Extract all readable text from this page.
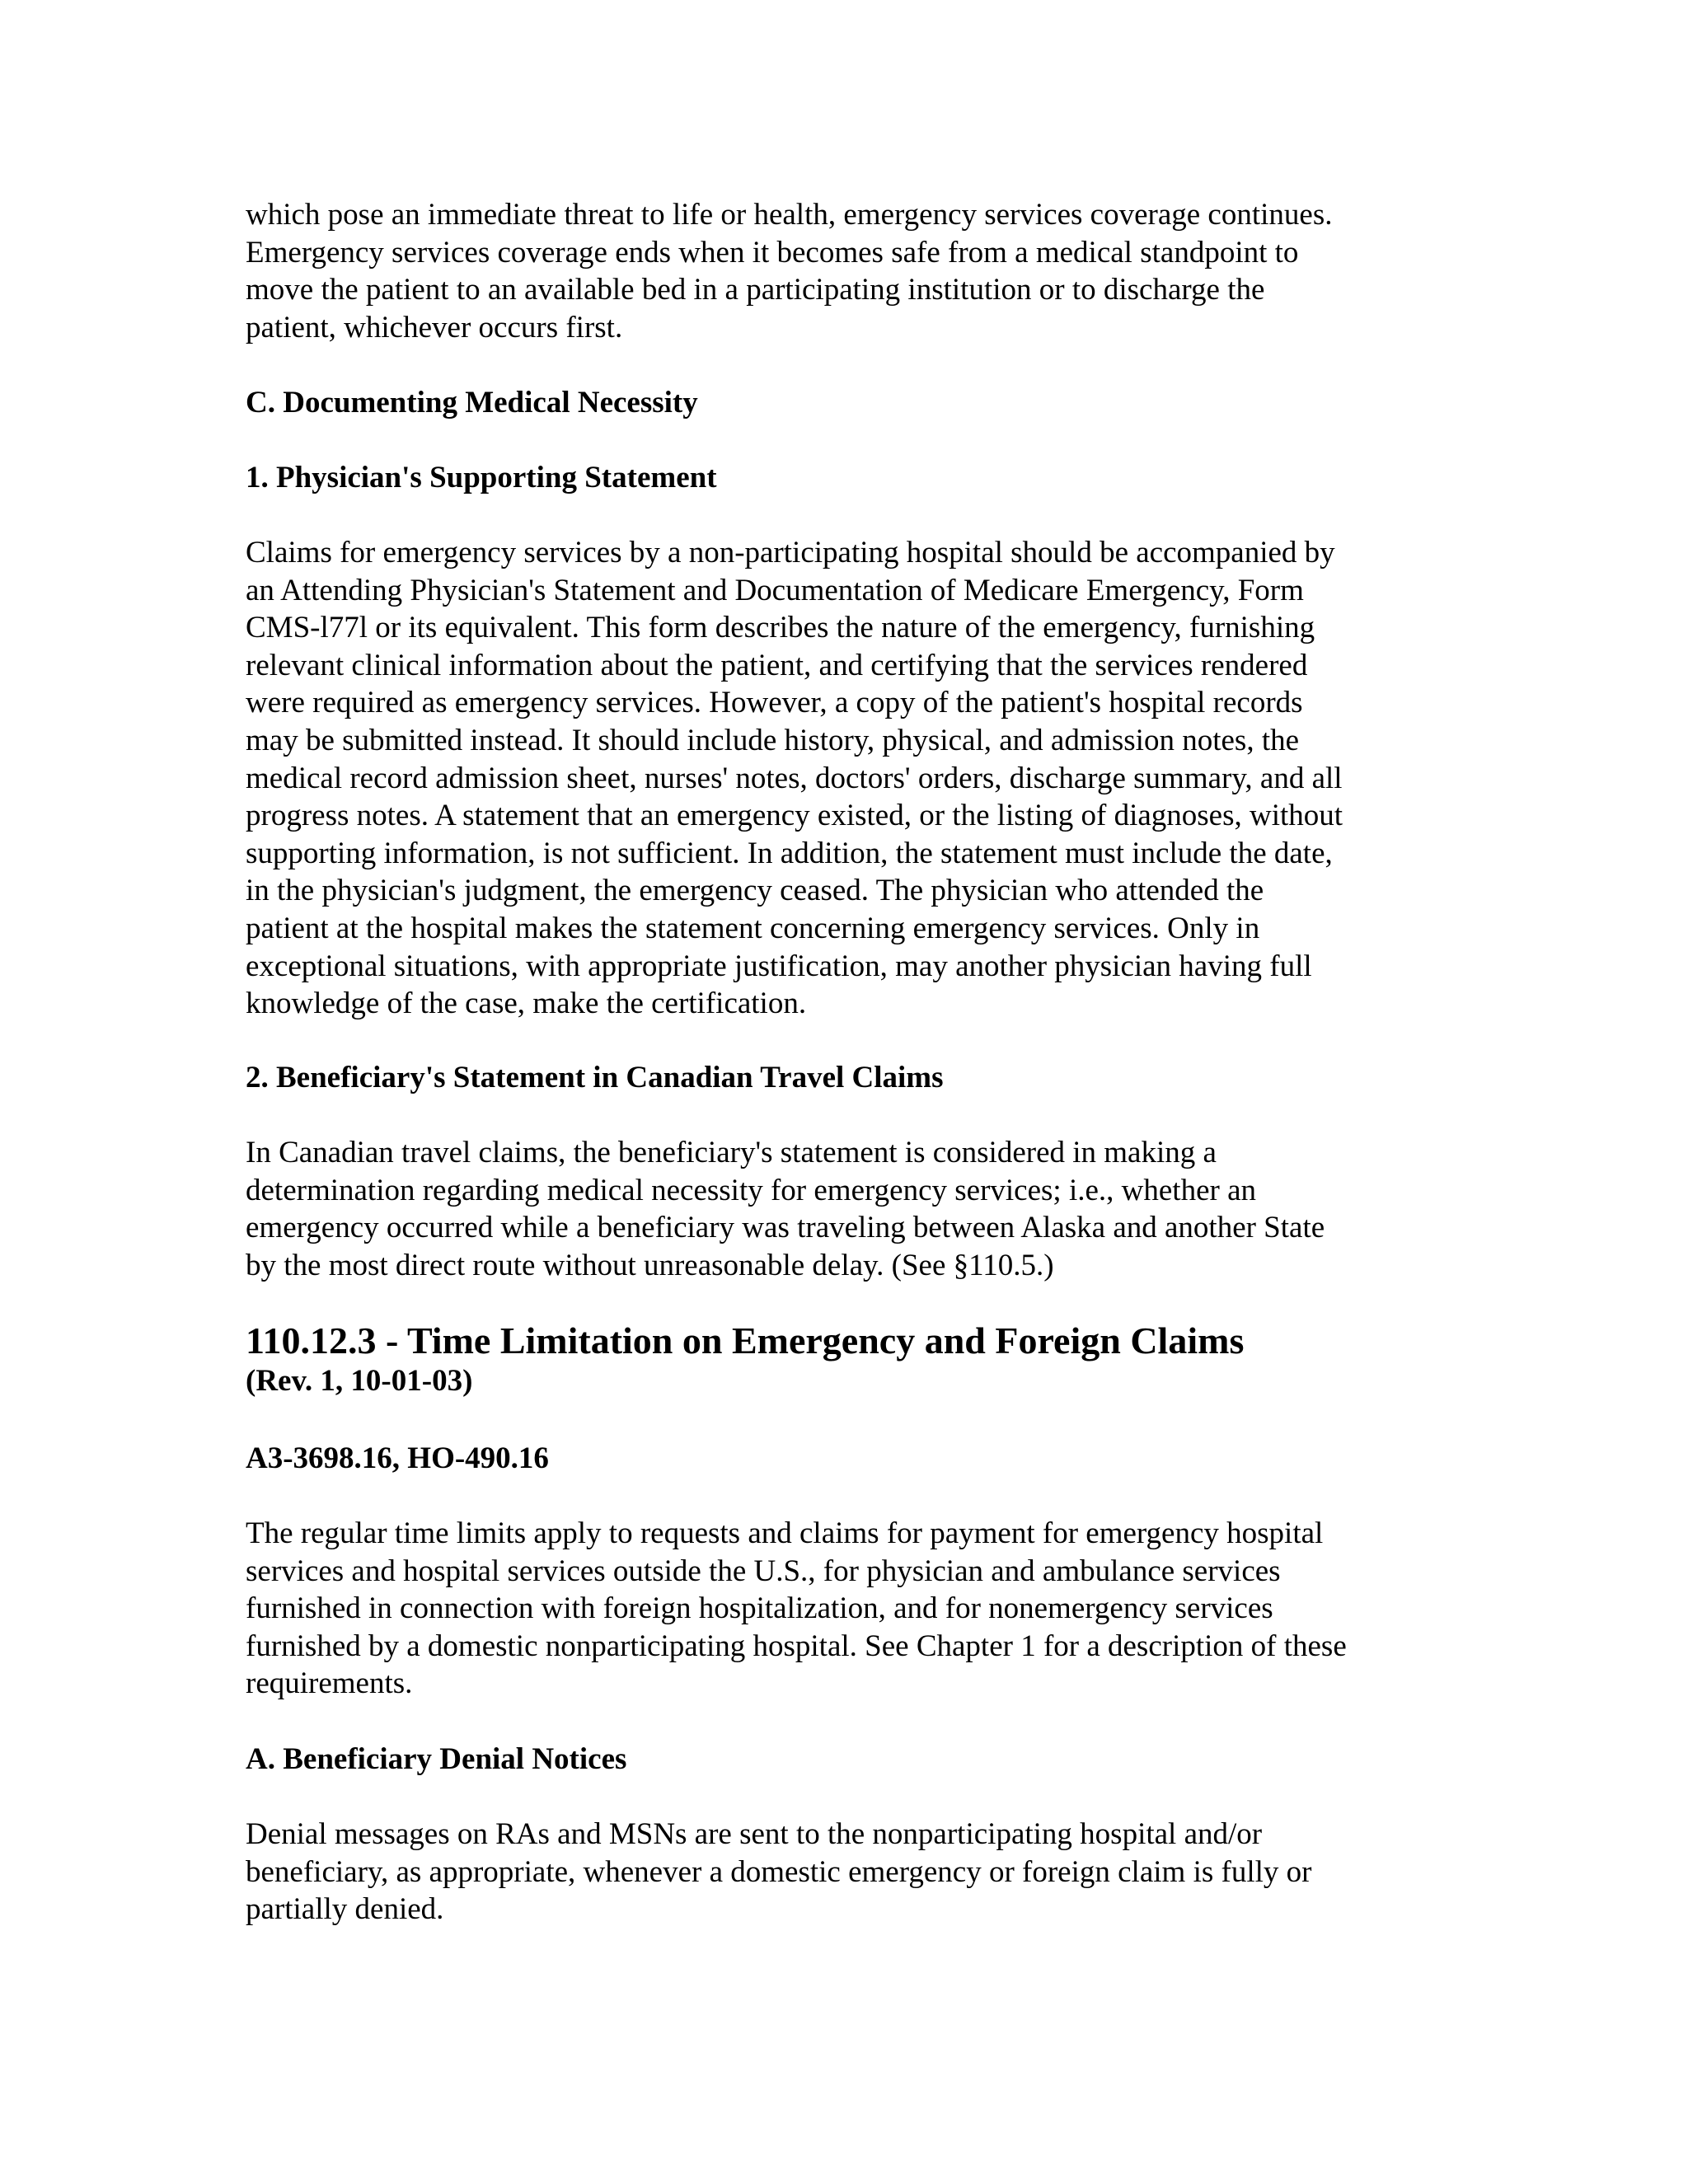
which pose an immediate threat to life or health, emergency services coverage continues.
Emergency services coverage ends when it becomes safe from a medical standpoint to
move the patient to an available bed in a participating institution or to discharge the
patient, whichever occurs first.

C. Documenting Medical Necessity
1. Physician's Supporting Statement

Claims for emergency services by a non-participating hospital should be accompanied by
an Attending Physician's Statement and Documentation of Medicare Emergency, Form
CMS-l77l or its equivalent. This form describes the nature of the emergency, furnishing
relevant clinical information about the patient, and certifying that the services rendered
were required as emergency services. However, a copy of the patient's hospital records
may be submitted instead. It should include history, physical, and admission notes, the
medical record admission sheet, nurses' notes, doctors' orders, discharge summary, and all
progress notes. A statement that an emergency existed, or the listing of diagnoses, without
supporting information, is not sufficient. In addition, the statement must include the date,
in the physician's judgment, the emergency ceased. The physician who attended the
patient at the hospital makes the statement concerning emergency services. Only in
exceptional situations, with appropriate justification, may another physician having full
knowledge of the case, make the certification.

2. Beneficiary's Statement in Canadian Travel Claims

In Canadian travel claims, the beneficiary's statement is considered in making a
determination regarding medical necessity for emergency services; i.e., whether an
emergency occurred while a beneficiary was traveling between Alaska and another State
by the most direct route without unreasonable delay. (See §110.5.)

110.12.3 - Time Limitation on Emergency and Foreign Claims
(Rev. 1, 10-01-03)
A3-3698.16, HO-490.16

The regular time limits apply to requests and claims for payment for emergency hospital
services and hospital services outside the U.S., for physician and ambulance services
furnished in connection with foreign hospitalization, and for nonemergency services
furnished by a domestic nonparticipating hospital. See Chapter 1 for a description of these
requirements.

A. Beneficiary Denial Notices

Denial messages on RAs and MSNs are sent to the nonparticipating hospital and/or
beneficiary, as appropriate, whenever a domestic emergency or foreign claim is fully or
partially denied.
